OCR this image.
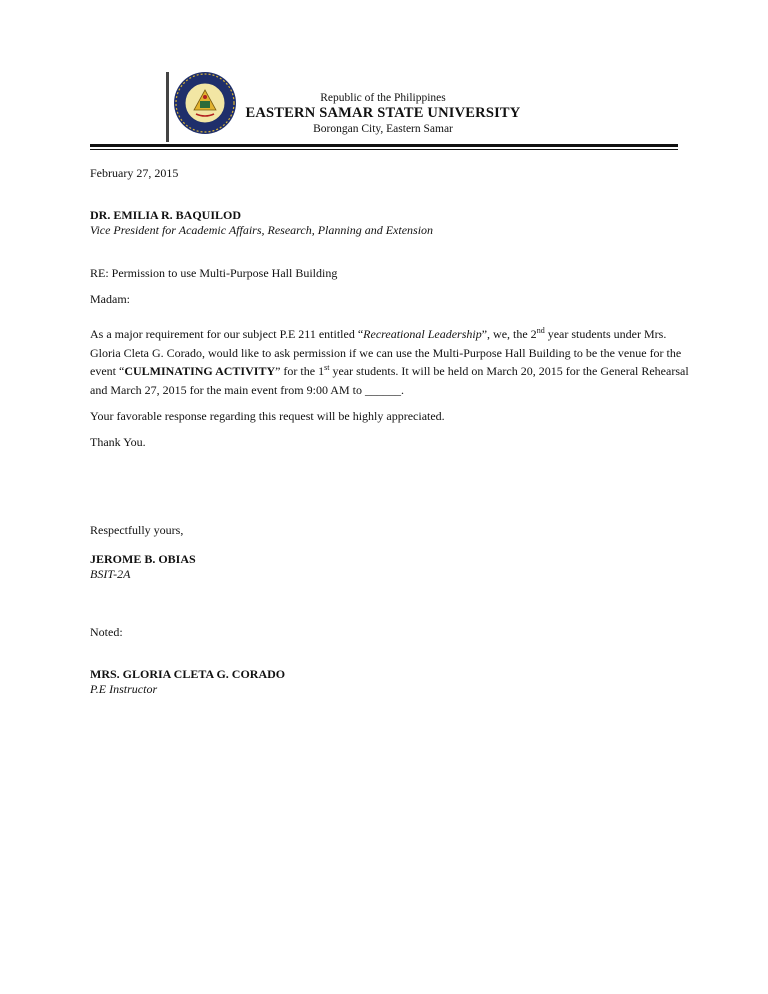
Republic of the Philippines
EASTERN SAMAR STATE UNIVERSITY
Borongan City, Eastern Samar
February 27, 2015
DR. EMILIA R. BAQUILOD
Vice President for Academic Affairs, Research, Planning and Extension
RE: Permission to use Multi-Purpose Hall Building
Madam:
As a major requirement for our subject P.E 211 entitled “Recreational Leadership”, we, the 2nd year students under Mrs. Gloria Cleta G. Corado, would like to ask permission if we can use the Multi-Purpose Hall Building to be the venue for the event “CULMINATING ACTIVITY” for the 1st year students. It will be held on March 20, 2015 for the General Rehearsal and March 27, 2015 for the main event from 9:00 AM to ______.
Your favorable response regarding this request will be highly appreciated.
Thank You.
Respectfully yours,
JEROME B. OBIAS
BSIT-2A
Noted:
MRS. GLORIA CLETA G. CORADO
P.E Instructor
